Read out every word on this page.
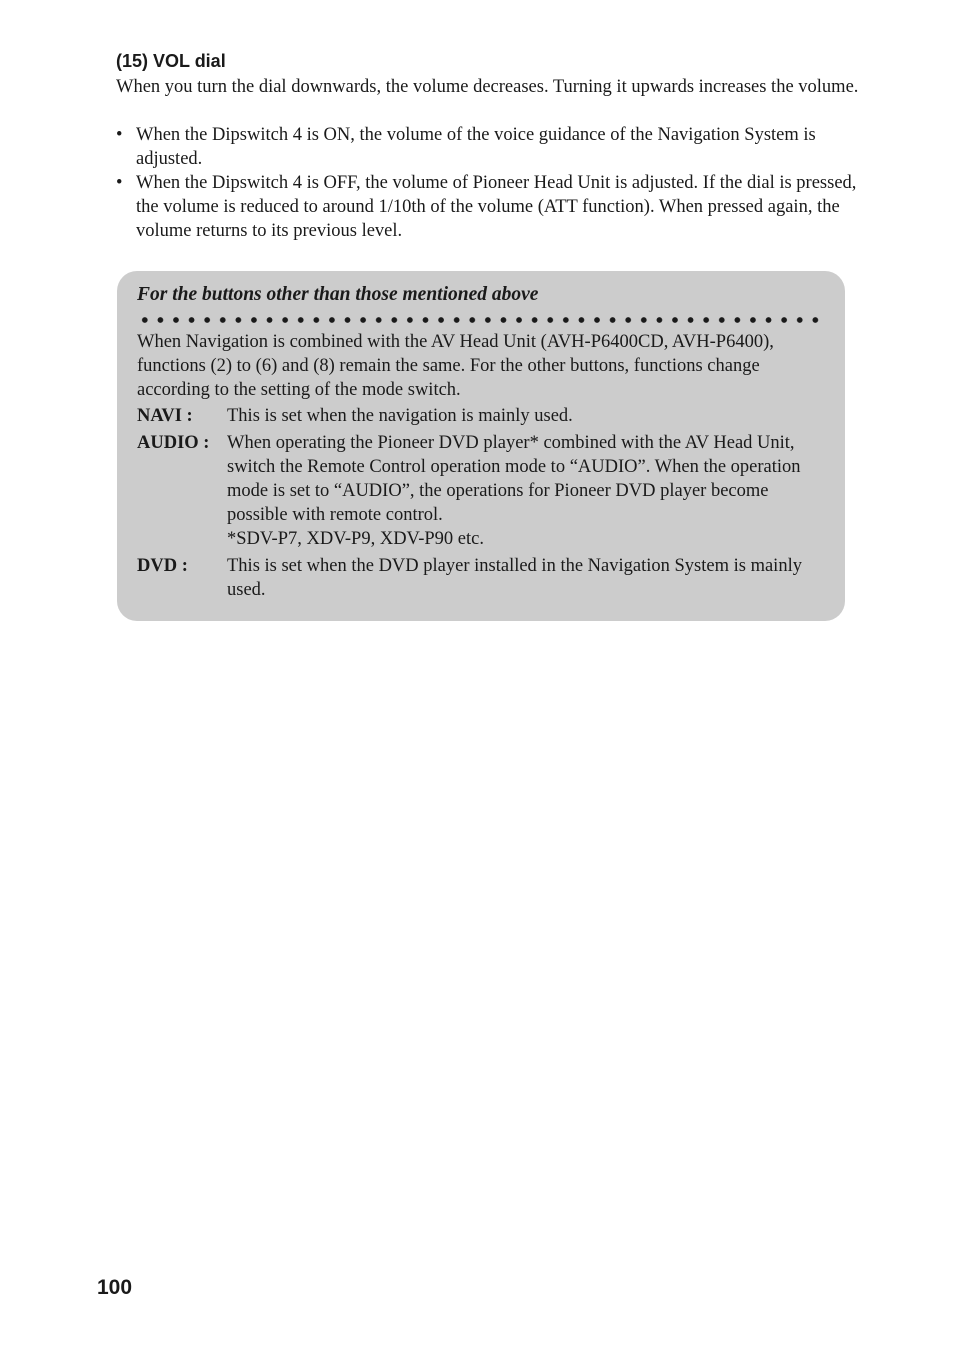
(15) VOL dial

When you turn the dial downwards, the volume decreases. Turning it upwards increases the volume.

• When the Dipswitch 4 is ON, the volume of the voice guidance of the Navigation System is adjusted.
• When the Dipswitch 4 is OFF, the volume of Pioneer Head Unit is adjusted. If the dial is pressed, the volume is reduced to around 1/10th of the volume (ATT function). When pressed again, the volume returns to its previous level.
For the buttons other than those mentioned above

When Navigation is combined with the AV Head Unit (AVH-P6400CD, AVH-P6400), functions (2) to (6) and (8) remain the same. For the other buttons, functions change according to the setting of the mode switch.

NAVI :	This is set when the navigation is mainly used.
AUDIO : When operating the Pioneer DVD player* combined with the AV Head Unit, switch the Remote Control operation mode to “AUDIO”. When the operation mode is set to “AUDIO”, the operations for Pioneer DVD player become possible with remote control.
*SDV-P7, XDV-P9, XDV-P90 etc.
DVD :	This is set when the DVD player installed in the Navigation System is mainly used.
100
